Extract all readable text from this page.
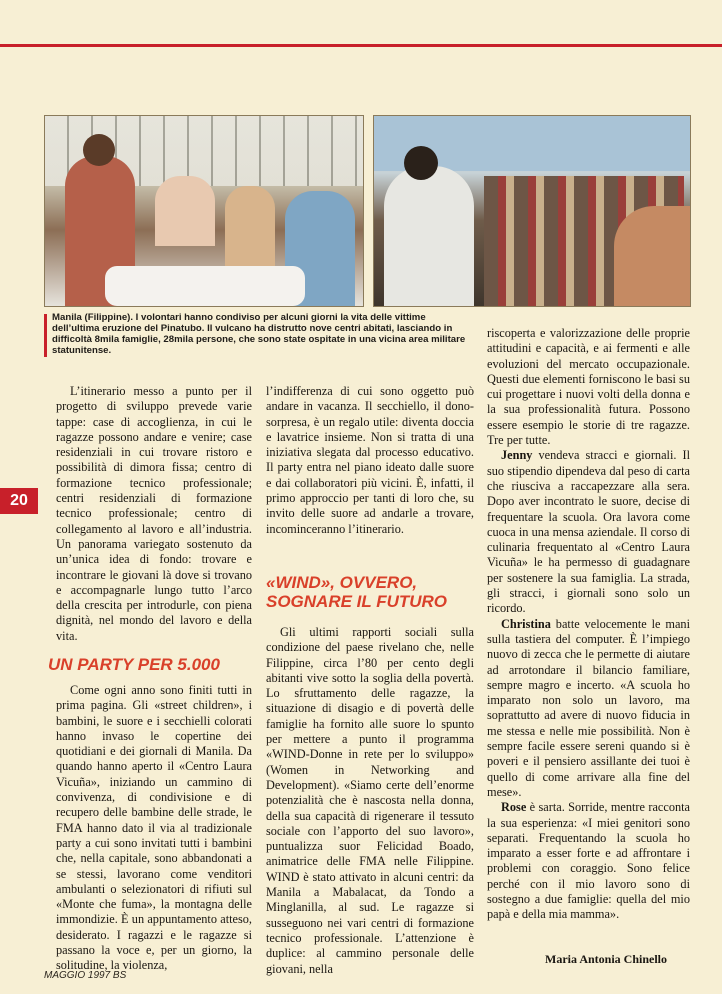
Manila (Filippine). I volontari hanno condiviso per alcuni giorni la vita delle vittime dell’ultima eruzione del Pinatubo. Il vulcano ha distrutto nove centri abitati, lasciando in difficoltà 8mila famiglie, 28mila persone, che sono state ospitate in una vicina area militare statunitense.
20

L’itinerario messo a punto per il progetto di sviluppo prevede varie tappe: case di accoglienza, in cui le ragazze possono andare e venire; case residenziali in cui trovare ristoro e possibilità di dimora fissa; centro di formazione tecnico professionale; centri residenziali di formazione tecnico professionale; centro di collegamento al lavoro e all’industria. Un panorama variegato sostenuto da un’unica idea di fondo: trovare e incontrare le giovani là dove si trovano e accompagnarle lungo tutto l’arco della crescita per introdurle, con piena dignità, nel mondo del lavoro e della vita.

UN PARTY PER 5.000

Come ogni anno sono finiti tutti in prima pagina. Gli «street children», i bambini, le suore e i secchielli colorati hanno invaso le copertine dei quotidiani e dei giornali di Manila. Da quando hanno aperto il «Centro Laura Vicuña», iniziando un cammino di convivenza, di condivisione e di recupero delle bambine delle strade, le FMA hanno dato il via al tradizionale party a cui sono invitati tutti i bambini che, nella capitale, sono abbandonati a se stessi, lavorano come venditori ambulanti o selezionatori di rifiuti sul «Monte che fuma», la montagna delle immondizie. È un appuntamento atteso, desiderato. I ragazzi e le ragazze si passano la voce e, per un giorno, la solitudine, la violenza,

l’indifferenza di cui sono oggetto può andare in vacanza. Il secchiello, il dono-sorpresa, è un regalo utile: diventa doccia e lavatrice insieme. Non si tratta di una iniziativa slegata dal processo educativo. Il party entra nel piano ideato dalle suore e dai collaboratori più vicini. È, infatti, il primo approccio per tanti di loro che, su invito delle suore ad andarle a trovare, incominceranno l’itinerario.

«WIND», OVVERO, SOGNARE IL FUTURO

Gli ultimi rapporti sociali sulla condizione del paese rivelano che, nelle Filippine, circa l’80 per cento degli abitanti vive sotto la soglia della povertà. Lo sfruttamento delle ragazze, la situazione di disagio e di povertà delle famiglie ha fornito alle suore lo spunto per mettere a punto il programma «WIND-Donne in rete per lo sviluppo» (Women in Networking and Development). «Siamo certe dell’enorme potenzialità che è nascosta nella donna, della sua capacità di rigenerare il tessuto sociale con l’apporto del suo lavoro», puntualizza suor Felicidad Boado, animatrice delle FMA nelle Filippine. WIND è stato attivato in alcuni centri: da Manila a Mabalacat, da Tondo a Minglanilla, al sud. Le ragazze si susseguono nei vari centri di formazione tecnico professionale. L’attenzione è duplice: al cammino personale delle giovani, nella

riscoperta e valorizzazione delle proprie attitudini e capacità, e ai fermenti e alle evoluzioni del mercato occupazionale. Questi due elementi forniscono le basi su cui progettare i nuovi volti della donna e la sua professionalità futura. Possono essere esempio le storie di tre ragazze. Tre per tutte.

Jenny vendeva stracci e giornali. Il suo stipendio dipendeva dal peso di carta che riusciva a raccapezzare alla sera. Dopo aver incontrato le suore, decise di frequentare la scuola. Ora lavora come cuoca in una mensa aziendale. Il corso di culinaria frequentato al «Centro Laura Vicuña» le ha permesso di guadagnare per sostenere la sua famiglia. La strada, gli stracci, i giornali sono solo un ricordo.

Christina batte velocemente le mani sulla tastiera del computer. È l’impiego nuovo di zecca che le permette di aiutare ad arrotondare il bilancio familiare, sempre magro e incerto. «A scuola ho imparato non solo un lavoro, ma soprattutto ad avere di nuovo fiducia in me stessa e nelle mie possibilità. Non è sempre facile essere sereni quando si è poveri e il pensiero assillante dei tuoi è quello di come arrivare alla fine del mese».

Rose è sarta. Sorride, mentre racconta la sua esperienza: «I miei genitori sono separati. Frequentando la scuola ho imparato a esser forte e ad affrontare i problemi con coraggio. Sono felice perché con il mio lavoro sono di sostegno a due famiglie: quella del mio papà e della mia mamma».

Maria Antonia Chinello
MAGGIO 1997 BS
